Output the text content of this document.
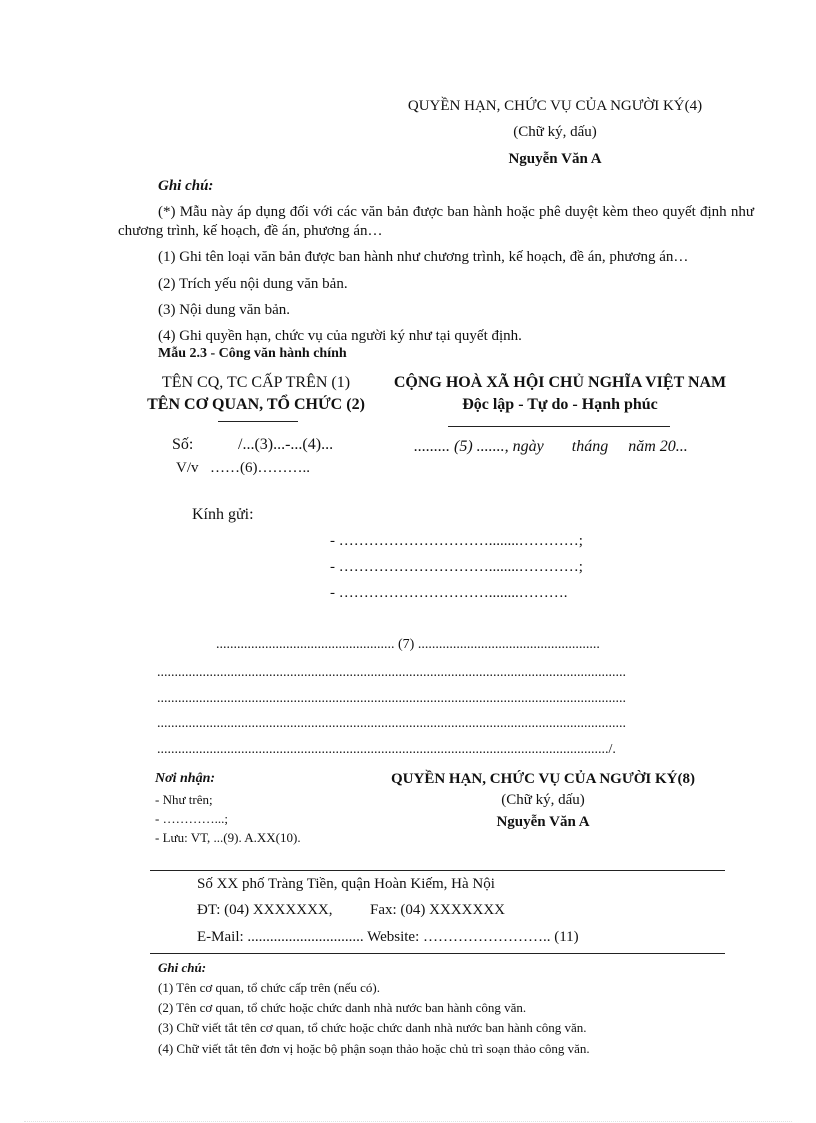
QUYỀN HẠN, CHỨC VỤ CỦA NGƯỜI KÝ(4)
(Chữ ký, dấu)
Nguyễn Văn A
Ghi chú:
(*) Mẫu này áp dụng đối với các văn bản được ban hành hoặc phê duyệt kèm theo quyết định như chương trình, kế hoạch, đề án, phương án…
(1) Ghi tên loại văn bản được ban hành như chương trình, kế hoạch, đề án, phương án…
(2) Trích yếu nội dung văn bản.
(3) Nội dung văn bản.
(4) Ghi quyền hạn, chức vụ của người ký như tại quyết định.
Mẫu 2.3 - Công văn hành chính
TÊN CQ, TC CẤP TRÊN (1)
TÊN CƠ QUAN, TỔ CHỨC (2)
CỘNG HOÀ XÃ HỘI CHỦ NGHĨA VIỆT NAM
Độc lập - Tự do - Hạnh phúc
Số:	/...(3)...-...(4)...
V/v ……(6)………..
......... (5) ......., ngày       tháng     năm 20...
Kính gửi:
- …………………………........…………;
- …………………………........…………;
- …………………………........……….
................................................... (7) ....................................................
......................................................................................................................................
......................................................................................................................................
......................................................................................................................................
................................................................................................................................./.
Nơi nhận:
- Như trên;
- …………...;
- Lưu: VT, ...(9). A.XX(10).
QUYỀN HẠN, CHỨC VỤ CỦA NGƯỜI KÝ(8)
(Chữ ký, dấu)
Nguyễn Văn A
Số XX phố Tràng Tiền, quận Hoàn Kiếm, Hà Nội
ĐT: (04) XXXXXXX,	Fax: (04) XXXXXXX
E-Mail: ............................... Website: …………………….. (11)
Ghi chú:
(1) Tên cơ quan, tổ chức cấp trên (nếu có).
(2) Tên cơ quan, tổ chức hoặc chức danh nhà nước ban hành công văn.
(3) Chữ viết tắt tên cơ quan, tổ chức hoặc chức danh nhà nước ban hành công văn.
(4) Chữ viết tắt tên đơn vị hoặc bộ phận soạn thảo hoặc chủ trì soạn thảo công văn.
